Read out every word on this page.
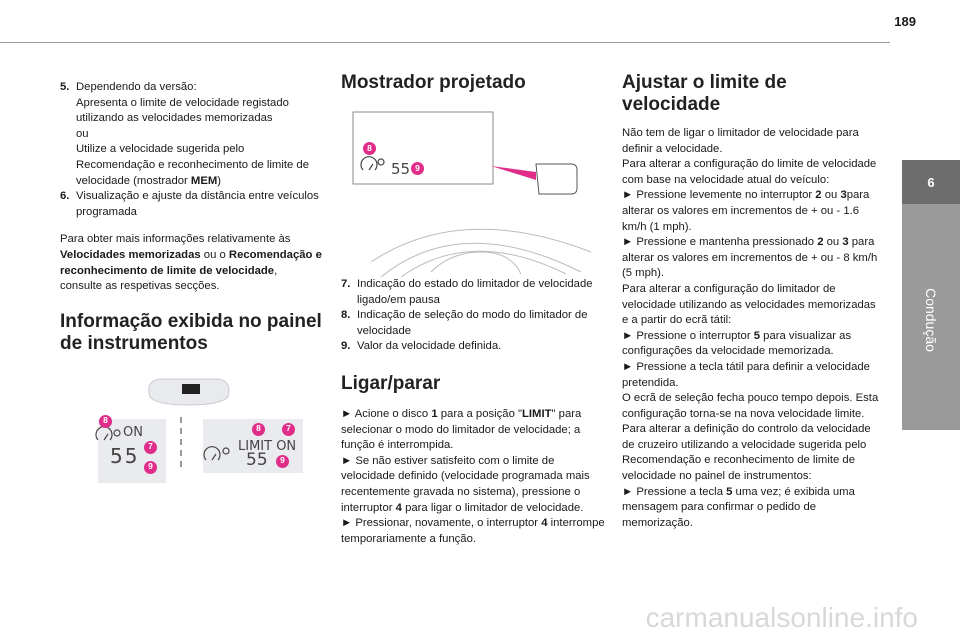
189
6
Condução
5. Dependendo da versão:
Apresenta o limite de velocidade registado utilizando as velocidades memorizadas
ou
Utilize a velocidade sugerida pelo Recomendação e reconhecimento de limite de velocidade (mostrador MEM)
6. Visualização e ajuste da distância entre veículos programada

Para obter mais informações relativamente às Velocidades memorizadas ou o Recomendação e reconhecimento de limite de velocidade, consulte as respetivas secções.

Informação exibida no painel de instrumentos
ON
55	LIMIT ON
55
8
7
9
8	7
9
Mostrador projetado
55
8
9
7. Indicação do estado do limitador de velocidade ligado/em pausa
8. Indicação de seleção do modo do limitador de velocidade
9. Valor da velocidade definida.
Ligar/parar

► Acione o disco 1 para a posição "LIMIT" para selecionar o modo do limitador de velocidade; a função é interrompida.

► Se não estiver satisfeito com o limite de velocidade definido (velocidade programada mais recentemente gravada no sistema), pressione o interruptor 4 para ligar o limitador de velocidade.

► Pressionar, novamente, o interruptor 4 interrompe temporariamente a função.

Ajustar o limite de velocidade

Não tem de ligar o limitador de velocidade para definir a velocidade.

Para alterar a configuração do limite de velocidade com base na velocidade atual do veículo:

► Pressione levemente no interruptor 2 ou 3para alterar os valores em incrementos de + ou - 1.6 km/h (1 mph).

► Pressione e mantenha pressionado 2 ou 3 para alterar os valores em incrementos de + ou - 8 km/h (5 mph).

Para alterar a configuração do limitador de velocidade utilizando as velocidades memorizadas e a partir do ecrã tátil:

► Pressione o interruptor 5 para visualizar as configurações da velocidade memorizada.

► Pressione a tecla tátil para definir a velocidade pretendida.

O ecrã de seleção fecha pouco tempo depois. Esta configuração torna-se na nova velocidade limite.

Para alterar a definição do controlo da velocidade de cruzeiro utilizando a velocidade sugerida pelo Recomendação e reconhecimento de limite de velocidade no painel de instrumentos:

► Pressione a tecla 5 uma vez; é exibida uma mensagem para confirmar o pedido de memorização.

carmanualsonline.info
